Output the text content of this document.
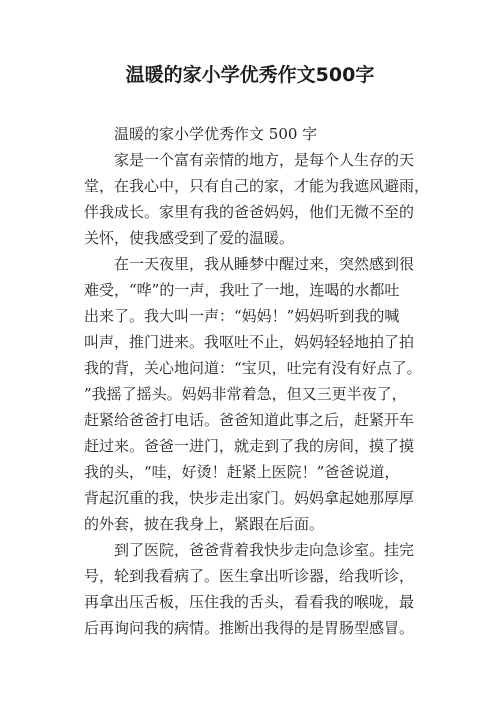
温暖的家小学优秀作文500字
温暖的家小学优秀作文 500 字
家是一个富有亲情的地方，是每个人生存的天
堂，在我心中，只有自己的家，才能为我遮风避雨，
伴我成长。家里有我的爸爸妈妈，他们无微不至的
关怀，使我感受到了爱的温暖。
在一天夜里，我从睡梦中醒过来，突然感到很
难受，“哗”的一声，我吐了一地，连喝的水都吐
出来了。我大叫一声：“妈妈！”妈妈听到我的喊
叫声，推门进来。我呕吐不止，妈妈轻轻地拍了拍
我的背，关心地问道：“宝贝，吐完有没有好点了。
”我摇了摇头。妈妈非常着急，但又三更半夜了，
赶紧给爸爸打电话。爸爸知道此事之后，赶紧开车
赶过来。爸爸一进门，就走到了我的房间，摸了摸
我的头，“哇，好烫！赶紧上医院！”爸爸说道，
背起沉重的我，快步走出家门。妈妈拿起她那厚厚
的外套，披在我身上，紧跟在后面。
到了医院，爸爸背着我快步走向急诊室。挂完
号，轮到我看病了。医生拿出听诊器，给我听诊，
再拿出压舌板，压住我的舌头，看看我的喉咙，最
后再询问我的病情。推断出我得的是胃肠型感冒。
